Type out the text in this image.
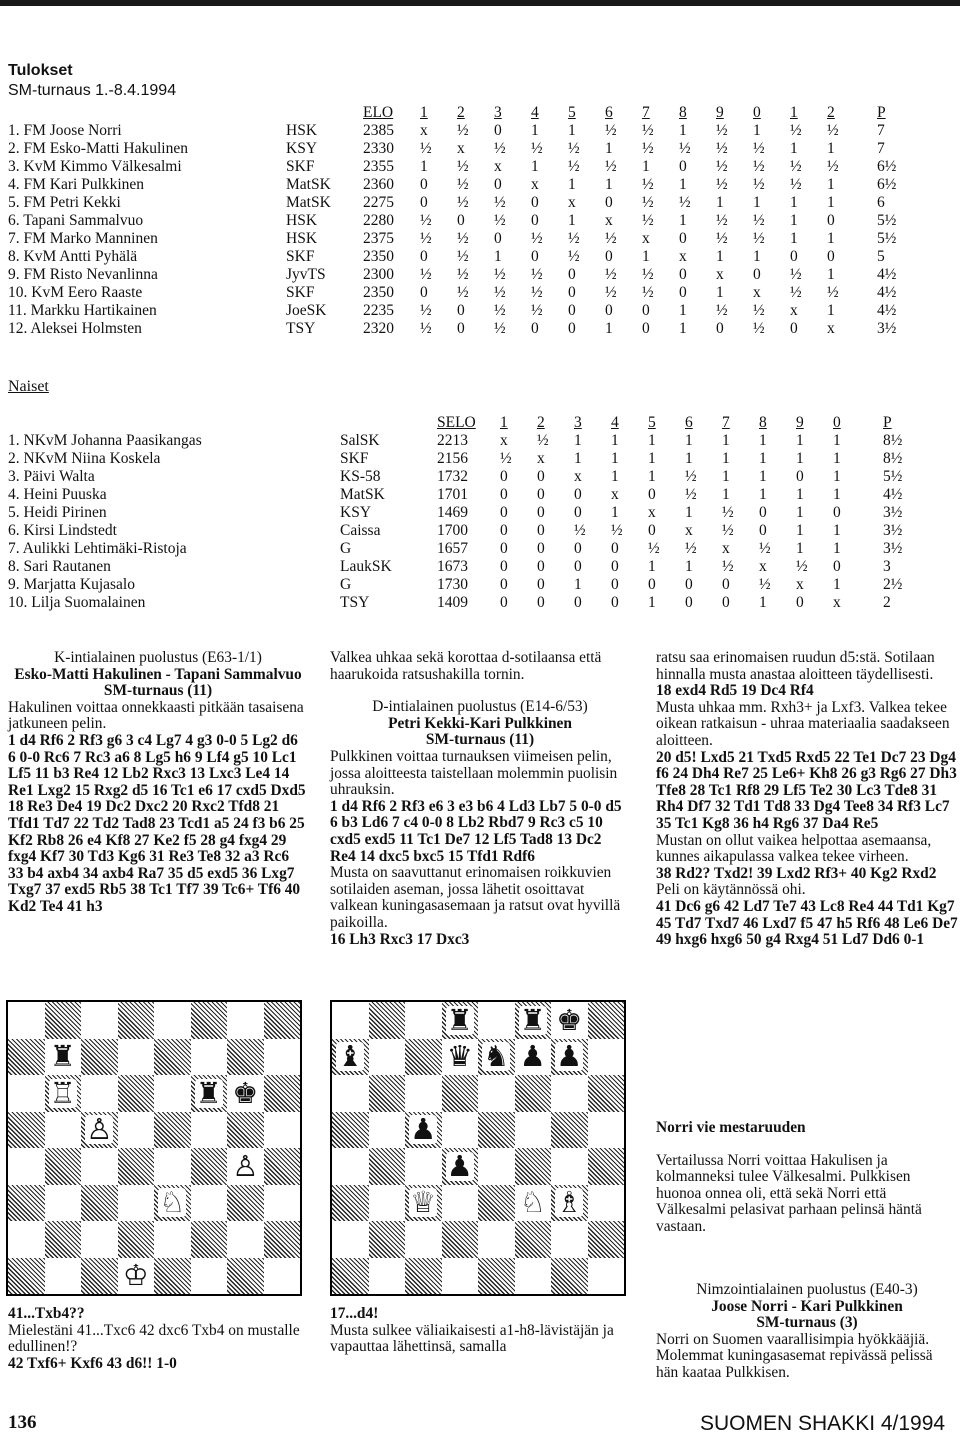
Tulokset
SM-turnaus 1.-8.4.1994
		ELO	1	2	3	4	5	6	7	8	9	0	1	2	P
1. FM Joose Norri	HSK	2385	x	½	0	1	1	½	½	1	½	1	½	½	7
2. FM Esko-Matti Hakulinen	KSY	2330	½	x	½	½	½	1	½	½	½	½	1	1	7
3. KvM Kimmo Välkesalmi	SKF	2355	1	½	x	1	½	½	1	0	½	½	½	½	6½
4. FM Kari Pulkkinen	MatSK	2360	0	½	0	x	1	1	½	1	½	½	½	1	6½
5. FM Petri Kekki	MatSK	2275	0	½	½	0	x	0	½	½	1	1	1	1	6
6. Tapani Sammalvuo	HSK	2280	½	0	½	0	1	x	½	1	½	½	1	0	5½
7. FM Marko Manninen	HSK	2375	½	½	0	½	½	½	x	0	½	½	1	1	5½
8. KvM Antti Pyhälä	SKF	2350	0	½	1	0	½	0	1	x	1	1	0	0	5
9. FM Risto Nevanlinna	JyvTS	2300	½	½	½	½	0	½	½	0	x	0	½	1	4½
10. KvM Eero Raaste	SKF	2350	0	½	½	½	0	½	½	0	1	x	½	½	4½
11. Markku Hartikainen	JoeSK	2235	½	0	½	½	0	0	0	1	½	½	x	1	4½
12. Aleksei Holmsten	TSY	2320	½	0	½	0	0	1	0	1	0	½	0	x	3½
Naiset
		SELO	1	2	3	4	5	6	7	8	9	0	P
1. NKvM Johanna Paasikangas	SalSK	2213	x	½	1	1	1	1	1	1	1	1	8½
2. NKvM Niina Koskela	SKF	2156	½	x	1	1	1	1	1	1	1	1	8½
3. Päivi Walta	KS-58	1732	0	0	x	1	1	½	1	1	0	1	5½
4. Heini Puuska	MatSK	1701	0	0	0	x	0	½	1	1	1	1	4½
5. Heidi Pirinen	KSY	1469	0	0	0	1	x	1	½	0	1	0	3½
6. Kirsi Lindstedt	Caissa	1700	0	0	½	½	0	x	½	0	1	1	3½
7. Aulikki Lehtimäki-Ristoja	G	1657	0	0	0	0	½	½	x	½	1	1	3½
8. Sari Rautanen	LaukSK	1673	0	0	0	0	1	1	½	x	½	0	3
9. Marjatta Kujasalo	G	1730	0	0	1	0	0	0	0	½	x	1	2½
10. Lilja Suomalainen	TSY	1409	0	0	0	0	1	0	0	1	0	x	2

K-intialainen puolustus (E63-1/1)

Esko-Matti Hakulinen - Tapani Sammalvuo

SM-turnaus (11)

Hakulinen voittaa onnekkaasti pitkään tasaisena jatkuneen pelin.

1 d4 Rf6 2 Rf3 g6 3 c4 Lg7 4 g3 0-0 5 Lg2 d6 6 0-0 Rc6 7 Rc3 a6 8 Lg5 h6 9 Lf4 g5 10 Lc1 Lf5 11 b3 Re4 12 Lb2 Rxc3 13 Lxc3 Le4 14 Re1 Lxg2 15 Rxg2 d5 16 Tc1 e6 17 cxd5 Dxd5 18 Re3 De4 19 Dc2 Dxc2 20 Rxc2 Tfd8 21 Tfd1 Td7 22 Td2 Tad8 23 Tcd1 a5 24 f3 b6 25 Kf2 Rb8 26 e4 Kf8 27 Ke2 f5 28 g4 fxg4 29 fxg4 Kf7 30 Td3 Kg6 31 Re3 Te8 32 a3 Rc6 33 b4 axb4 34 axb4 Ra7 35 d5 exd5 36 Lxg7 Txg7 37 exd5 Rb5 38 Tc1 Tf7 39 Tc6+ Tf6 40 Kd2 Te4 41 h3

♜
♖	♜ ♚
♙
♙
♘
♔

41...Txb4??

Mielestäni 41...Txc6 42 dxc6 Txb4 on mustalle edullinen!?

42 Txf6+ Kxf6 43 d6!! 1-0

Valkea uhkaa sekä korottaa d-sotilaansa että haarukoida ratsushakilla tornin.

D-intialainen puolustus (E14-6/53)

Petri Kekki-Kari Pulkkinen

SM-turnaus (11)

Pulkkinen voittaa turnauksen viimeisen pelin, jossa aloitteesta taistellaan molemmin puolisin uhrauksin.

1 d4 Rf6 2 Rf3 e6 3 e3 b6 4 Ld3 Lb7 5 0-0 d5 6 b3 Ld6 7 c4 0-0 8 Lb2 Rbd7 9 Rc3 c5 10 cxd5 exd5 11 Tc1 De7 12 Lf5 Tad8 13 Dc2 Re4 14 dxc5 bxc5 15 Tfd1 Rdf6

Musta on saavuttanut erinomaisen roikkuvien sotilaiden aseman, jossa lähetit osoittavat valkean kuningasasemaan ja ratsut ovat hyvillä paikoilla.

16 Lh3 Rxc3 17 Dxc3

♜ ♜ ♚
♝	♛ ♞ ♟ ♟
♟
♟
♕	♘ ♗

17...d4!

Musta sulkee väliaikaisesti a1-h8-lävistäjän ja vapauttaa lähettinsä, samalla

ratsu saa erinomaisen ruudun d5:stä. Sotilaan hinnalla musta anastaa aloitteen täydellisesti.

18 exd4 Rd5 19 Dc4 Rf4

Musta uhkaa mm. Rxh3+ ja Lxf3. Valkea tekee oikean ratkaisun - uhraa materiaalia saadakseen aloitteen.

20 d5! Lxd5 21 Txd5 Rxd5 22 Te1 Dc7 23 Dg4 f6 24 Dh4 Re7 25 Le6+ Kh8 26 g3 Rg6 27 Dh3 Tfe8 28 Tc1 Rf8 29 Lf5 Te2 30 Lc3 Tde8 31 Rh4 Df7 32 Td1 Td8 33 Dg4 Tee8 34 Rf3 Lc7 35 Tc1 Kg8 36 h4 Rg6 37 Da4 Re5

Mustan on ollut vaikea helpottaa asemaansa, kunnes aikapulassa valkea tekee virheen.

38 Rd2? Txd2! 39 Lxd2 Rf3+ 40 Kg2 Rxd2

Peli on käytännössä ohi.

41 Dc6 g6 42 Ld7 Te7 43 Lc8 Re4 44 Td1 Kg7 45 Td7 Txd7 46 Lxd7 f5 47 h5 Rf6 48 Le6 De7 49 hxg6 hxg6 50 g4 Rxg4 51 Ld7 Dd6 0-1

Norri vie mestaruuden

Vertailussa Norri voittaa Hakulisen ja kolmanneksi tulee Välkesalmi. Pulkkisen huonoa onnea oli, että sekä Norri että Välkesalmi pelasivat parhaan pelinsä häntä vastaan.

Nimzointialainen puolustus (E40-3)

Joose Norri - Kari Pulkkinen

SM-turnaus (3)

Norri on Suomen vaarallisimpia hyökkääjiä. Molemmat kuningasasemat repivässä pelissä hän kaataa Pulkkisen.

136	SUOMEN SHAKKI 4/1994
